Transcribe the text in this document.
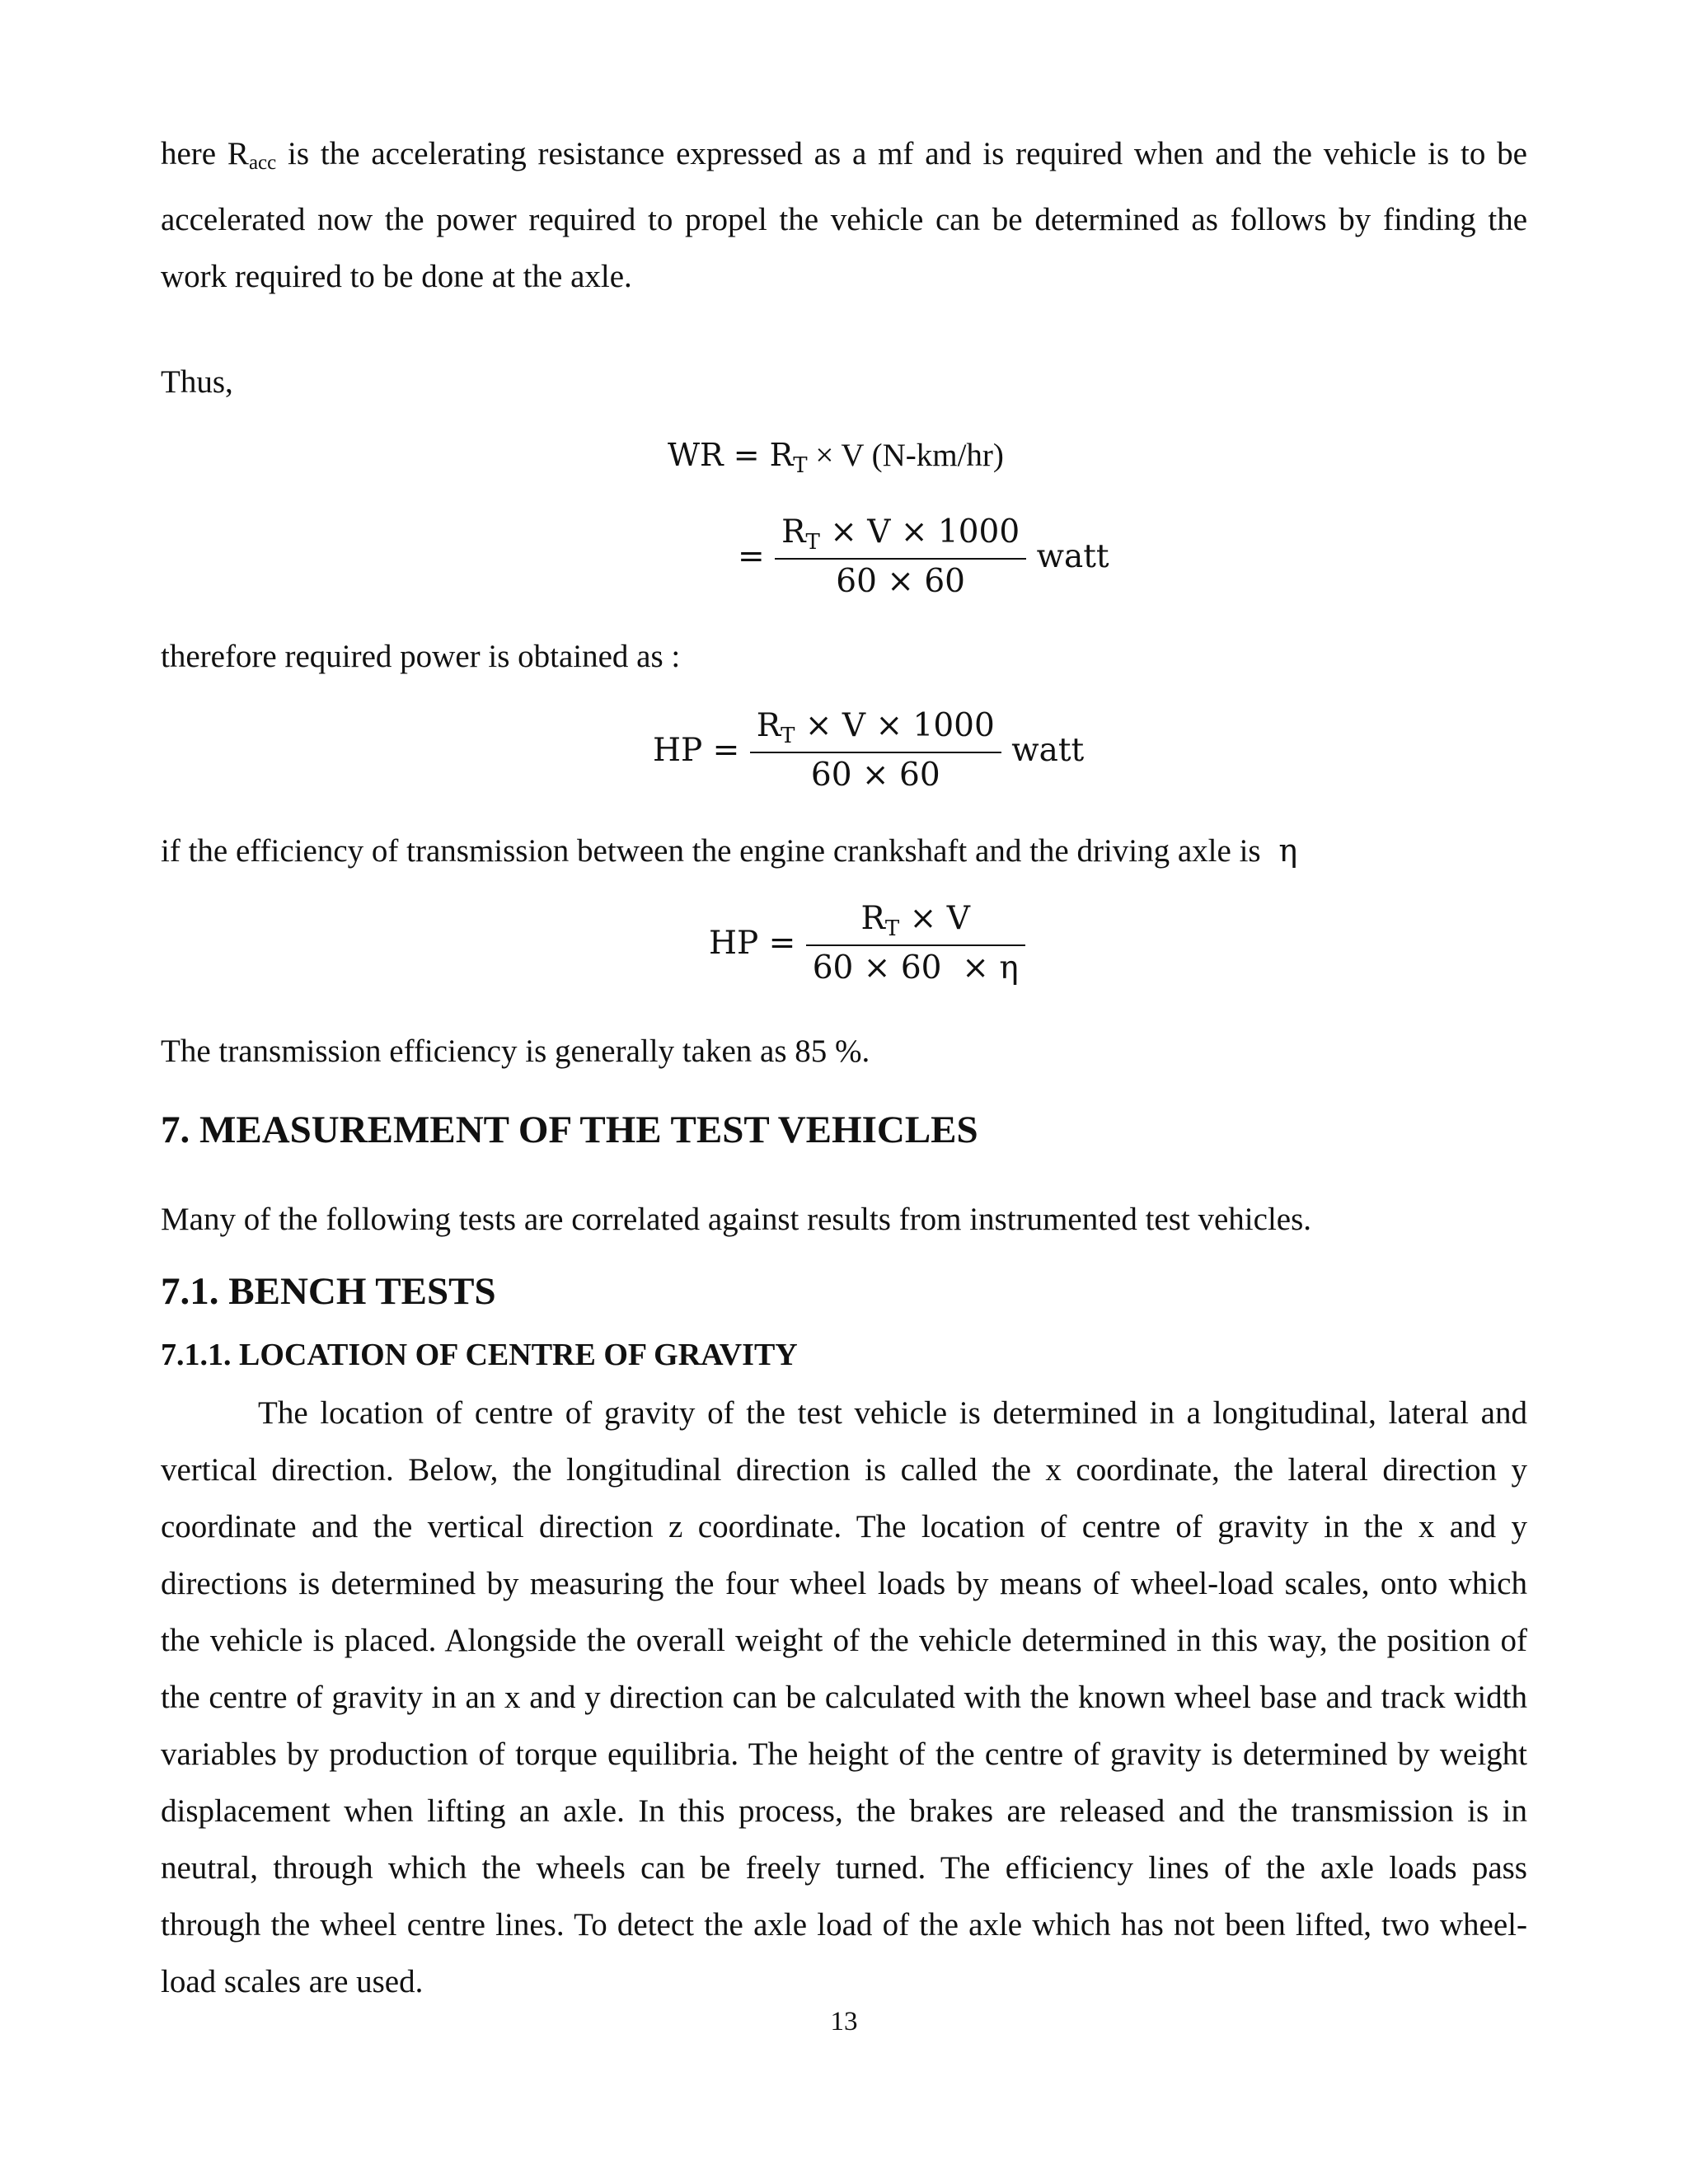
here Racc is the accelerating resistance expressed as a mf and is required when and the vehicle is to be
accelerated now the power required to propel the vehicle can be determined as follows by finding the
work required to be done at the axle.
Thus,
WR = $R_T \times V$ (N-km/hr)
= $\frac{R_T \times V \times 1000}{60 \times 60}$ watt
therefore required power is obtained as :
HP = $\frac{R_T \times V \times 1000}{60 \times 60}$ watt
if the efficiency of transmission between the engine crankshaft and the driving axle is η
HP = $\frac{R_T \times V}{60 \times 60 \times \eta}$
The transmission efficiency is generally taken as 85 %.
7. MEASUREMENT OF THE TEST VEHICLES
Many of the following tests are correlated against results from instrumented test vehicles.
7.1. BENCH TESTS
7.1.1. LOCATION OF CENTRE OF GRAVITY
The location of centre of gravity of the test vehicle is determined in a longitudinal, lateral and
vertical direction. Below, the longitudinal direction is called the x coordinate, the lateral direction y
coordinate and the vertical direction z coordinate. The location of centre of gravity in the x and y
directions is determined by measuring the four wheel loads by means of wheel-load scales, onto which
the vehicle is placed. Alongside the overall weight of the vehicle determined in this way, the position of
the centre of gravity in an x and y direction can be calculated with the known wheel base and track width
variables by production of torque equilibria. The height of the centre of gravity is determined by weight
displacement when lifting an axle. In this process, the brakes are released and the transmission is in
neutral, through which the wheels can be freely turned. The efficiency lines of the axle loads pass
through the wheel centre lines. To detect the axle load of the axle which has not been lifted, two wheel-
load scales are used.
13
